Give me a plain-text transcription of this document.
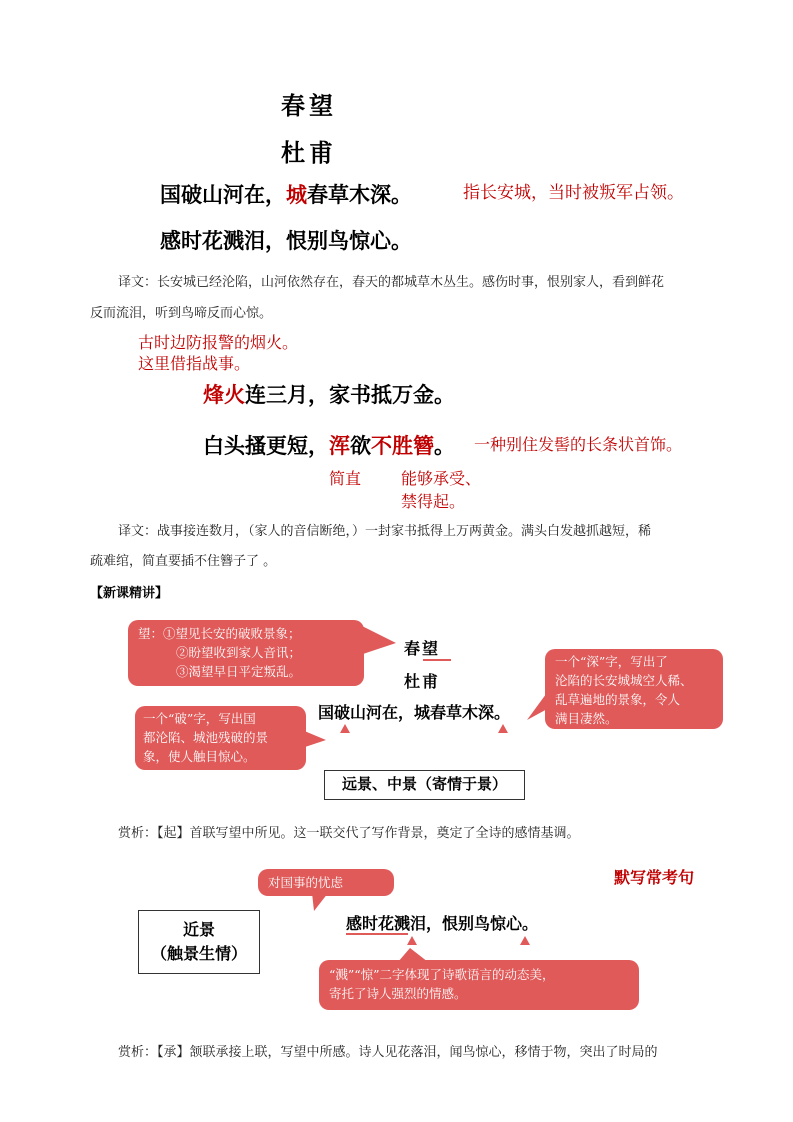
春望
杜甫
国破山河在，城春草木深。	指长安城，当时被叛军占领。
感时花溅泪，恨别鸟惊心。
译文：长安城已经沦陷，山河依然存在，春天的都城草木丛生。感伤时事，恨别家人，看到鲜花
反而流泪，听到鸟啼反而心惊。
古时边防报警的烟火。
这里借指战事。
烽火连三月，家书抵万金。
白头搔更短，浑欲不胜簪。 一种别住发髻的长条状首饰。
简直 能够承受、
禁得起。
译文：战事接连数月，（家人的音信断绝，）一封家书抵得上万两黄金。满头白发越抓越短，稀
疏难绾，简直要插不住簪子了 。
【新课精讲】
望：①望见长安的破败景象；
②盼望收到家人音讯；
③渴望早日平定叛乱。
春望
杜甫
国破山河在，城春草木深。
一个“深”字，写出了
沦陷的长安城城空人稀、
乱草遍地的景象，令人
满目凄然。
一个“破”字，写出国
都沦陷、城池残破的景
象，使人触目惊心。
远景、中景（寄情于景）
赏析：【起】首联写望中所见。这一联交代了写作背景，奠定了全诗的感情基调。
默写常考句
对国事的忧虑
近景
（触景生情）
感时花溅泪，恨别鸟惊心。
“溅”“惊”二字体现了诗歌语言的动态美，
寄托了诗人强烈的情感。
赏析：【承】颔联承接上联，写望中所感。诗人见花落泪，闻鸟惊心，移情于物，突出了时局的
